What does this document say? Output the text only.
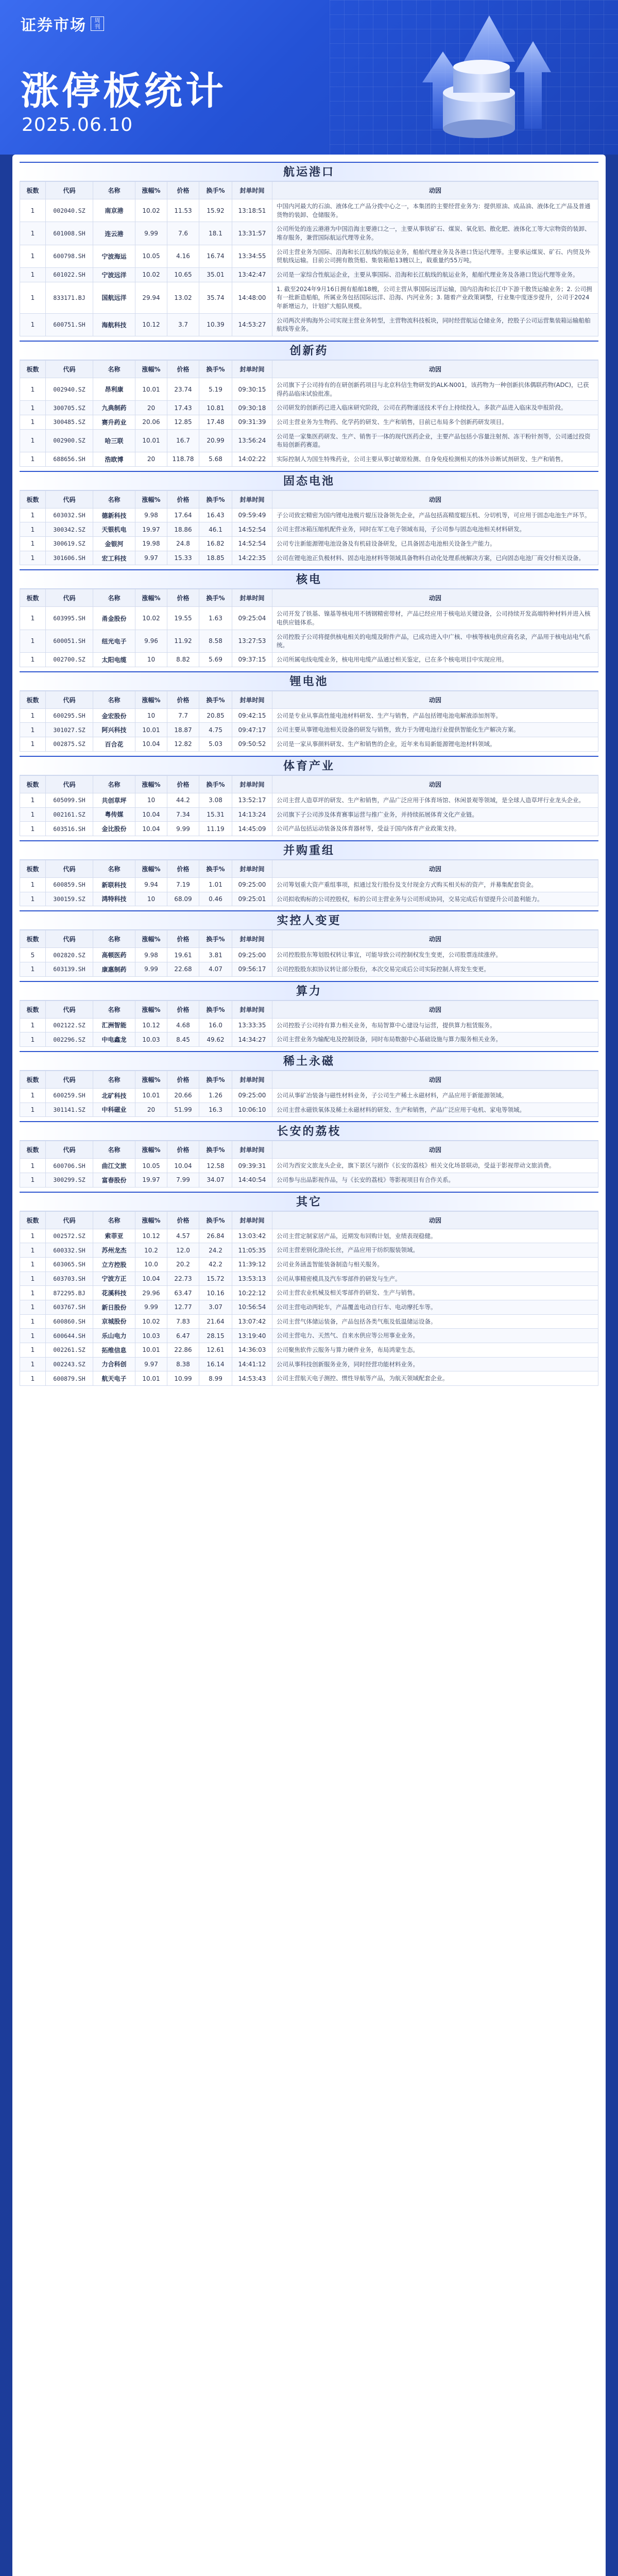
证券市场	周刊
涨停板统计
2025.06.10
航运港口
板数	代码	名称	涨幅%	价格	换手%	封单时间	动因
1	002040.SZ	南京港	10.02	11.53	15.92	13:18:51	中国内河最大的石油、液体化工产品分拨中心之一，本集团的主要经营业务为：提供原油、成品油、液体化工产品及普通货物的装卸、仓储服务。
1	601008.SH	连云港	9.99	7.6	18.1	13:31:57	公司所处的连云港港为中国沿海主要港口之一，主要从事铁矿石、煤炭、氧化铝、散化肥、液体化工等大宗物资的装卸、堆存服务，兼营国际航运代理等业务。
1	600798.SH	宁波海运	10.05	4.16	16.74	13:34:55	公司主营业务为国际、沿海和长江航线的航运业务，船舶代理业务及各港口货运代理等。主要承运煤炭、矿石、内贸及外贸航线运输。目前公司拥有散货船、集装箱船13艘以上，载重量约55万吨。
1	601022.SH	宁波远洋	10.02	10.65	35.01	13:42:47	公司是一家综合性航运企业，主要从事国际、沿海和长江航线的航运业务，船舶代理业务及各港口货运代理等业务。
1	833171.BJ	国航远洋	29.94	13.02	35.74	14:48:00	1. 截至2024年9月16日拥有船舶18艘，公司主营从事国际远洋运输，国内沿海和长江中下游干散货运输业务；2. 公司拥有一批新造船舶，所属业务包括国际远洋、沿海、内河业务；3. 随着产业政策调整，行业集中度逐步提升，公司于2024年新增运力，计划扩大船队规模。
1	600751.SH	海航科技	10.12	3.7	10.39	14:53:27	公司两次并购海外公司实现主营业务转型，主营物流科技板块，同时经营航运仓储业务，控股子公司运营集装箱运输船舶航线等业务。
创新药
板数	代码	名称	涨幅%	价格	换手%	封单时间	动因
1	002940.SZ	昂利康	10.01	23.74	5.19	09:30:15	公司旗下子公司持有的在研创新药项目与北京科信生物研发的ALK-N001，该药物为一种创新抗体偶联药物(ADC)，已获得药品临床试验批准。
1	300705.SZ	九典制药	20	17.43	10.81	09:30:18	公司研发的创新药已进入临床研究阶段，公司在药物递送技术平台上持续投入，多款产品进入临床及申报阶段。
1	300485.SZ	赛升药业	20.06	12.85	17.48	09:31:39	公司主营业务为生物药、化学药的研发、生产和销售，目前已布局多个创新药研发项目。
1	002900.SZ	哈三联	10.01	16.7	20.99	13:56:24	公司是一家集医药研发、生产、销售于一体的现代医药企业，主要产品包括小容量注射剂、冻干粉针剂等，公司通过投资布局创新药赛道。
1	688656.SH	浩欧博	20	118.78	5.68	14:02:22	实际控制人为国生特殊药业，公司主要从事过敏原检测、自身免疫检测相关的体外诊断试剂研发、生产和销售。
固态电池
板数	代码	名称	涨幅%	价格	换手%	封单时间	动因
1	603032.SH	德新科技	9.98	17.64	16.43	09:59:49	子公司致宏精密为国内锂电池极片辊压设备领先企业，产品包括高精度辊压机、分切机等，可应用于固态电池生产环节。
1	300342.SZ	天银机电	19.97	18.86	46.1	14:52:54	公司主营冰箱压缩机配件业务，同时在军工电子领域布局，子公司参与固态电池相关材料研发。
1	300619.SZ	金银河	19.98	24.8	16.82	14:52:54	公司专注新能源锂电池设备及有机硅设备研发，已具备固态电池相关设备生产能力。
1	301606.SH	宏工科技	9.97	15.33	18.85	14:22:35	公司在锂电池正负极材料、固态电池材料等领域具备物料自动化处理系统解决方案，已向固态电池厂商交付相关设备。
核电
板数	代码	名称	涨幅%	价格	换手%	封单时间	动因
1	603995.SH	甬金股份	10.02	19.55	1.63	09:25:04	公司开发了铁基、镍基等核电用不锈钢精密带材，产品已经应用于核电站关键设备，公司持续开发高端特种材料并进入核电供应链体系。
1	600051.SH	纽光电子	9.96	11.92	8.58	13:27:53	公司控股子公司将提供核电相关的电缆及附件产品，已成功进入中广核、中核等核电供应商名录，产品用于核电站电气系统。
1	002700.SZ	太阳电缆	10	8.82	5.69	09:37:15	公司所属电线电缆业务，核电用电缆产品通过相关鉴定，已在多个核电项目中实现应用。
锂电池
板数	代码	名称	涨幅%	价格	换手%	封单时间	动因
1	600295.SH	金宏股份	10	7.7	20.85	09:42:15	公司是专业从事高性能电池材料研发、生产与销售，产品包括锂电池电解液添加剂等。
1	301027.SZ	阿兴科技	10.01	18.87	4.75	09:47:17	公司主要从事锂电池相关设备的研发与销售，致力于为锂电池行业提供智能化生产解决方案。
1	002875.SZ	百合花	10.04	12.82	5.03	09:50:52	公司是一家从事颜料研发、生产和销售的企业，近年来布局新能源锂电池材料领域。
体育产业
板数	代码	名称	涨幅%	价格	换手%	封单时间	动因
1	605099.SH	共创草坪	10	44.2	3.08	13:52:17	公司主营人造草坪的研发、生产和销售，产品广泛应用于体育场馆、休闲景观等领域，是全球人造草坪行业龙头企业。
1	002161.SZ	粤传媒	10.04	7.34	15.31	14:13:24	公司旗下子公司涉及体育赛事运营与推广业务，并持续拓展体育文化产业链。
1	603516.SH	金比股份	10.04	9.99	11.19	14:45:09	公司产品包括运动装备及体育器材等，受益于国内体育产业政策支持。
并购重组
板数	代码	名称	涨幅%	价格	换手%	封单时间	动因
1	600859.SH	新联科技	9.94	7.19	1.01	09:25:00	公司筹划重大资产重组事项，拟通过发行股份及支付现金方式购买相关标的资产，并募集配套资金。
1	300159.SZ	鸿特科技	10	68.09	0.46	09:25:01	公司拟收购标的公司控股权，标的公司主营业务与公司形成协同，交易完成后有望提升公司盈利能力。
实控人变更
板数	代码	名称	涨幅%	价格	换手%	封单时间	动因
5	002820.SZ	高顿医药	9.98	19.61	3.81	09:25:00	公司控股股东筹划股权转让事宜，可能导致公司控制权发生变更，公司股票连续涨停。
1	603139.SH	康惠制药	9.99	22.68	4.07	09:56:17	公司控股股东拟协议转让部分股份，本次交易完成后公司实际控制人将发生变更。
算力
板数	代码	名称	涨幅%	价格	换手%	封单时间	动因
1	002122.SZ	汇洲智能	10.12	4.68	16.0	13:33:35	公司控股子公司持有算力相关业务，布局智算中心建设与运营，提供算力租赁服务。
1	002296.SZ	中电鑫龙	10.03	8.45	49.62	14:34:27	公司主营业务为输配电及控制设备，同时布局数据中心基础设施与算力服务相关业务。
稀土永磁
板数	代码	名称	涨幅%	价格	换手%	封单时间	动因
1	600259.SH	北矿科技	10.01	20.66	1.26	09:25:00	公司从事矿冶装备与磁性材料业务，子公司生产稀土永磁材料，产品应用于新能源领域。
1	301141.SZ	中科磁业	20	51.99	16.3	10:06:10	公司主营永磁铁氧体及稀土永磁材料的研发、生产和销售，产品广泛应用于电机、家电等领域。
长安的荔枝
板数	代码	名称	涨幅%	价格	换手%	封单时间	动因
1	600706.SH	曲江文旅	10.05	10.04	12.58	09:39:31	公司为西安文旅龙头企业，旗下景区与剧作《长安的荔枝》相关文化场景联动，受益于影视带动文旅消费。
1	300299.SZ	富春股份	19.97	7.99	34.07	14:40:54	公司参与出品影视作品，与《长安的荔枝》等影视项目有合作关系。
其它
板数	代码	名称	涨幅%	价格	换手%	封单时间	动因
1	002572.SZ	索菲亚	10.12	4.57	26.84	13:03:42	公司主营定制家居产品，近期发布回购计划，业绩表现稳健。
1	600332.SH	苏州龙杰	10.2	12.0	24.2	11:05:35	公司主营差别化涤纶长丝，产品应用于纺织服装领域。
1	603065.SH	立方控股	10.0	20.2	42.2	11:39:12	公司业务涵盖智能装备制造与相关服务。
1	603703.SH	宁波方正	10.04	22.73	15.72	13:53:13	公司从事精密模具及汽车零部件的研发与生产。
1	872295.BJ	花溪科技	29.96	63.47	10.16	10:22:12	公司主营农业机械及相关零部件的研发、生产与销售。
1	603767.SH	新日股份	9.99	12.77	3.07	10:56:54	公司主营电动两轮车，产品覆盖电动自行车、电动摩托车等。
1	600860.SH	京城股份	10.02	7.83	21.64	13:07:42	公司主营气体储运装备，产品包括各类气瓶及低温储运设备。
1	600644.SH	乐山电力	10.03	6.47	28.15	13:19:40	公司主营电力、天然气、自来水供应等公用事业业务。
1	002261.SZ	拓维信息	10.01	22.86	12.61	14:36:03	公司聚焦软件云服务与算力硬件业务，布局鸿蒙生态。
1	002243.SZ	力合科创	9.97	8.38	16.14	14:41:12	公司从事科技创新服务业务，同时经营功能材料业务。
1	600879.SH	航天电子	10.01	10.99	8.99	14:53:43	公司主营航天电子测控、惯性导航等产品，为航天领域配套企业。
